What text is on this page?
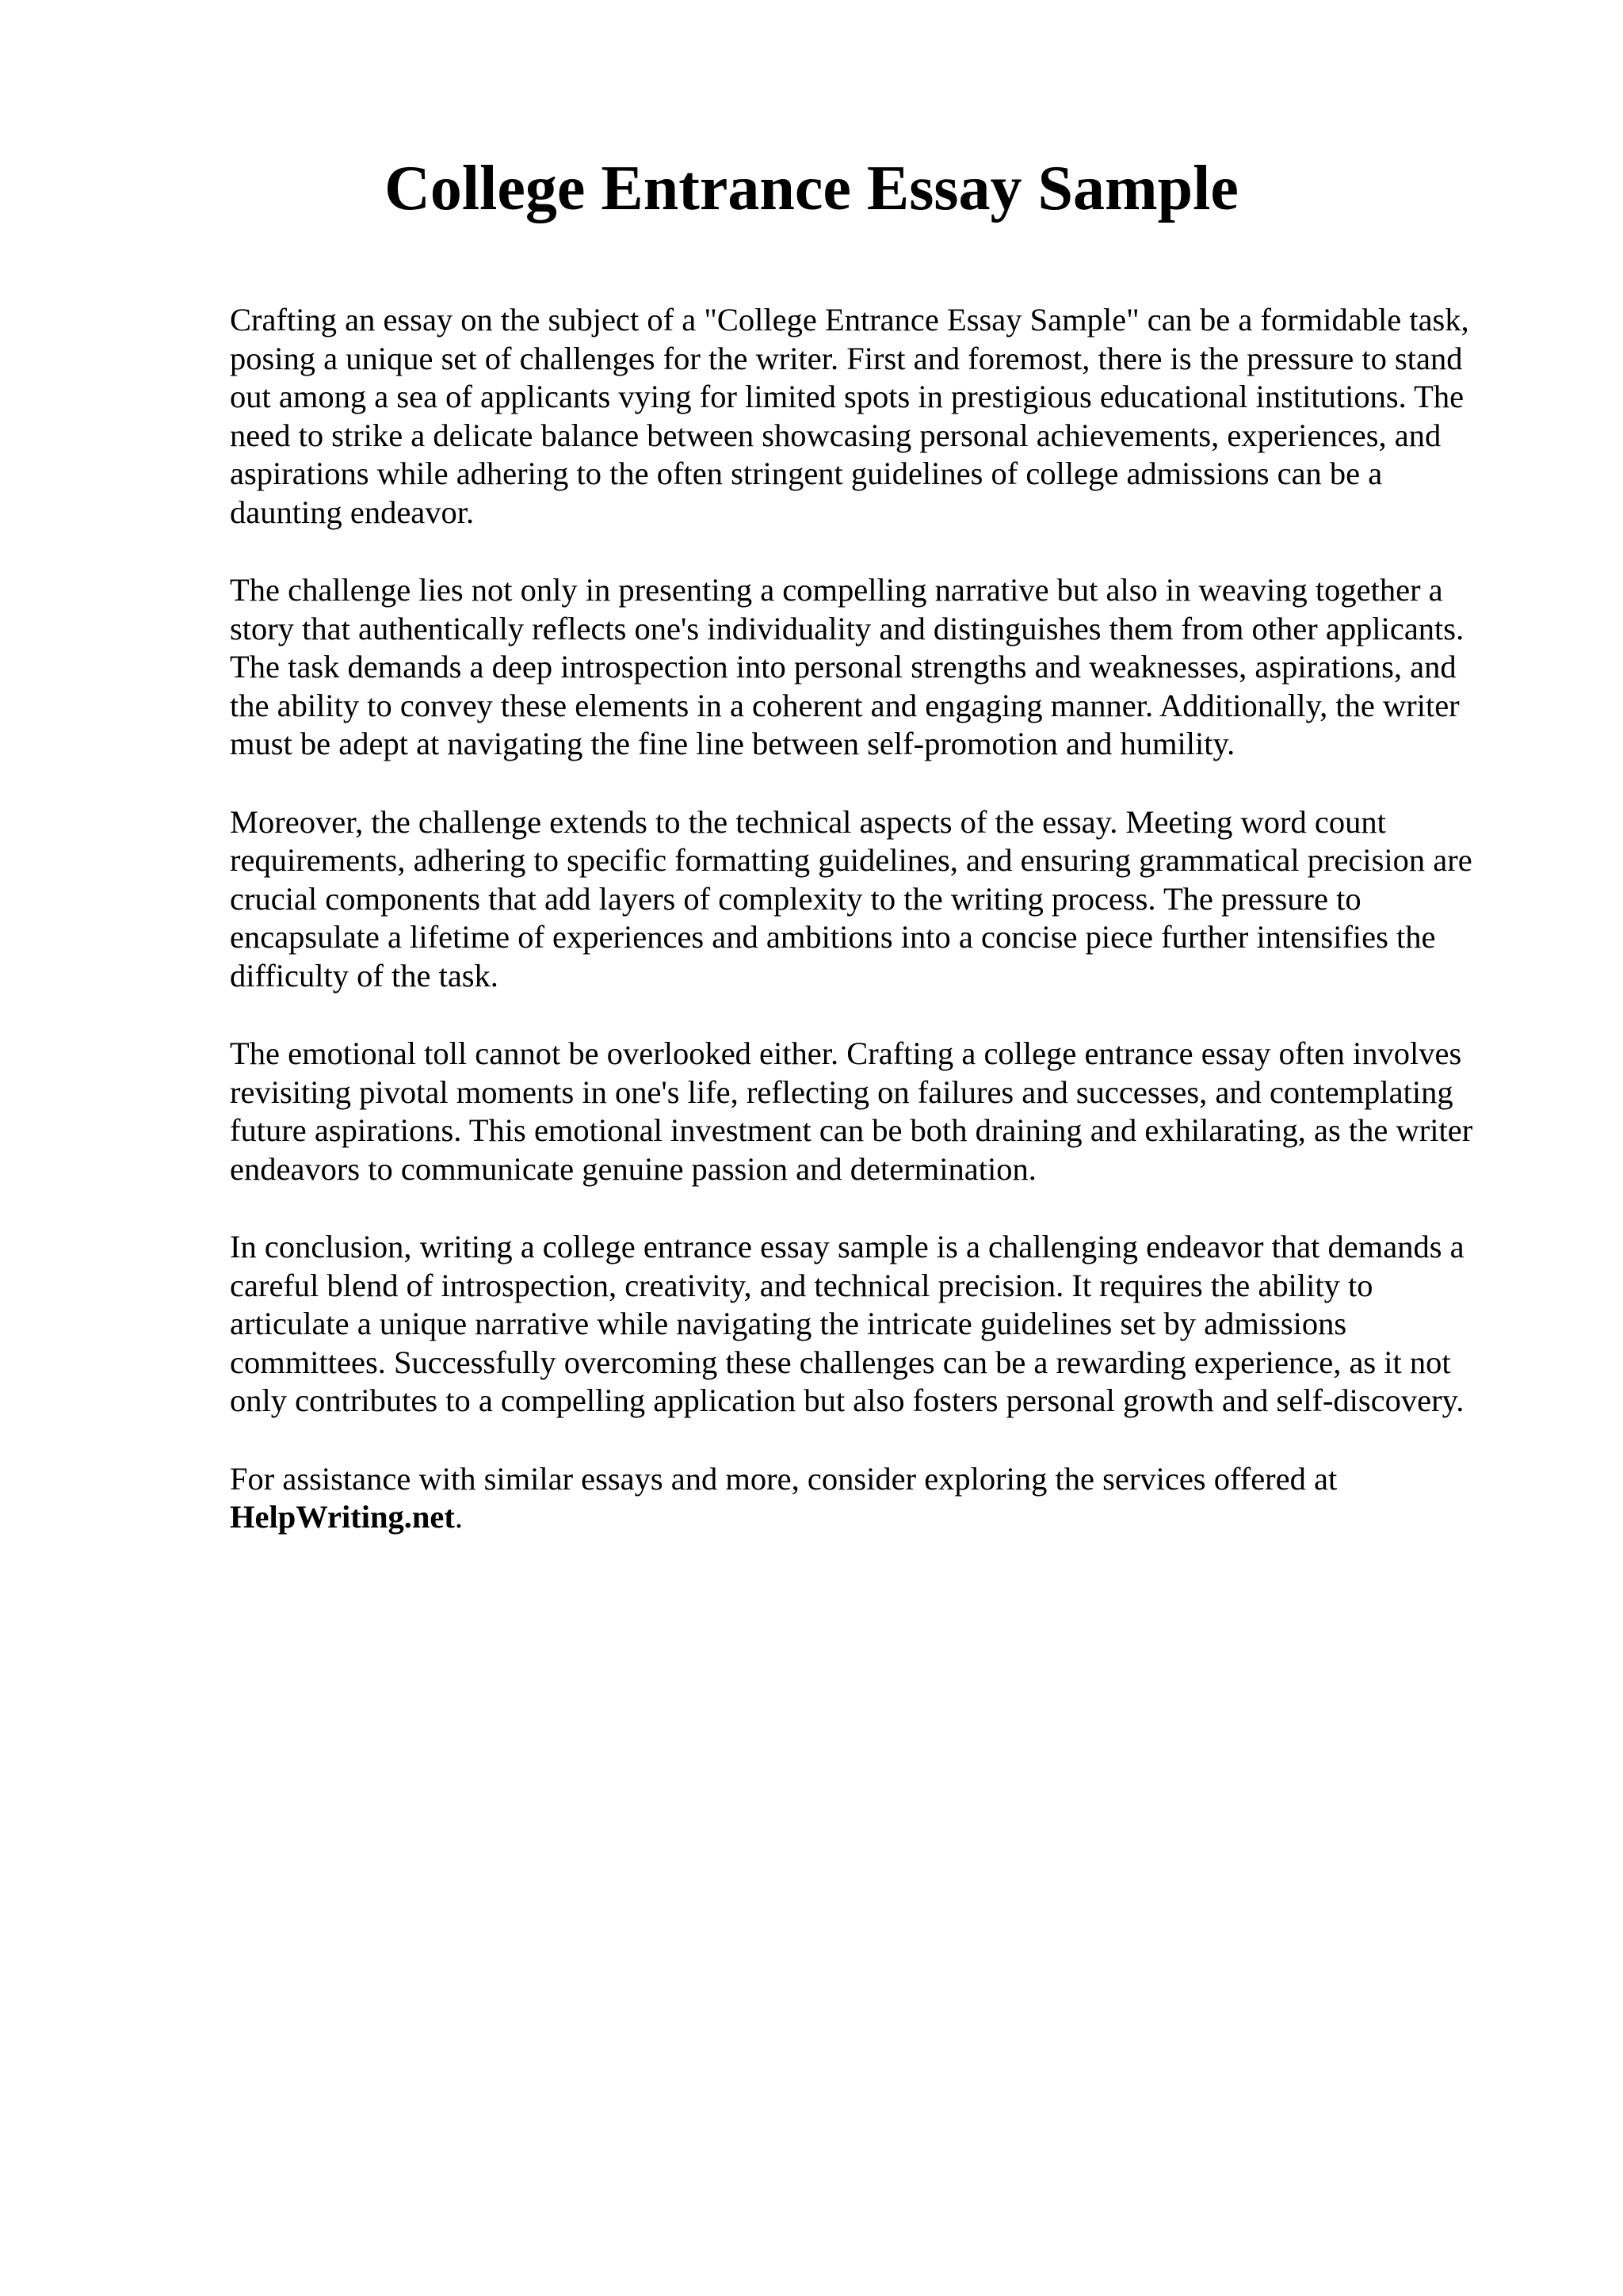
College Entrance Essay Sample

Crafting an essay on the subject of a "College Entrance Essay Sample" can be a formidable task,
posing a unique set of challenges for the writer. First and foremost, there is the pressure to stand
out among a sea of applicants vying for limited spots in prestigious educational institutions. The
need to strike a delicate balance between showcasing personal achievements, experiences, and
aspirations while adhering to the often stringent guidelines of college admissions can be a
daunting endeavor.

The challenge lies not only in presenting a compelling narrative but also in weaving together a
story that authentically reflects one's individuality and distinguishes them from other applicants.
The task demands a deep introspection into personal strengths and weaknesses, aspirations, and
the ability to convey these elements in a coherent and engaging manner. Additionally, the writer
must be adept at navigating the fine line between self-promotion and humility.

Moreover, the challenge extends to the technical aspects of the essay. Meeting word count
requirements, adhering to specific formatting guidelines, and ensuring grammatical precision are
crucial components that add layers of complexity to the writing process. The pressure to
encapsulate a lifetime of experiences and ambitions into a concise piece further intensifies the
difficulty of the task.

The emotional toll cannot be overlooked either. Crafting a college entrance essay often involves
revisiting pivotal moments in one's life, reflecting on failures and successes, and contemplating
future aspirations. This emotional investment can be both draining and exhilarating, as the writer
endeavors to communicate genuine passion and determination.

In conclusion, writing a college entrance essay sample is a challenging endeavor that demands a
careful blend of introspection, creativity, and technical precision. It requires the ability to
articulate a unique narrative while navigating the intricate guidelines set by admissions
committees. Successfully overcoming these challenges can be a rewarding experience, as it not
only contributes to a compelling application but also fosters personal growth and self-discovery.

For assistance with similar essays and more, consider exploring the services offered at
HelpWriting.net.
